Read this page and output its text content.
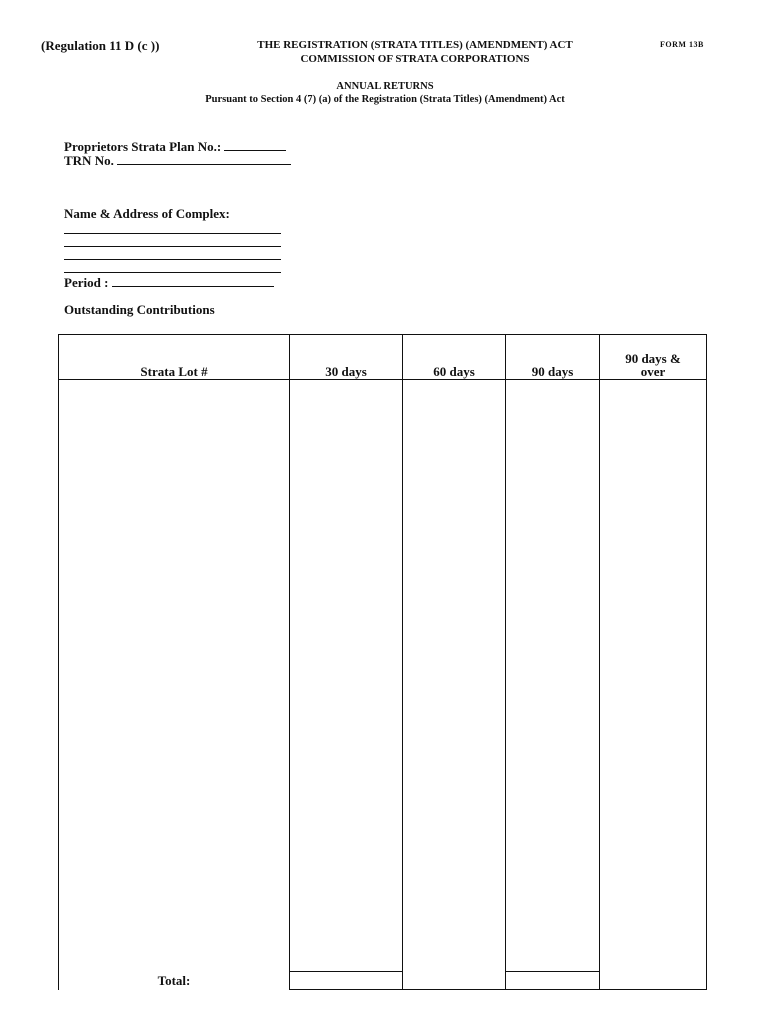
(Regulation 11 D (c ))	THE REGISTRATION (STRATA TITLES) (AMENDMENT) ACT
COMMISSION OF STRATA CORPORATIONS
FORM 13B
ANNUAL RETURNS
Pursuant to Section 4 (7) (a) of the Registration (Strata Titles) (Amendment) Act
Proprietors Strata Plan No.:
TRN No.
Name & Address of Complex:
Period :
Outstanding Contributions
Strata Lot #	30 days	60 days	90 days	90 days & over

Total:				
